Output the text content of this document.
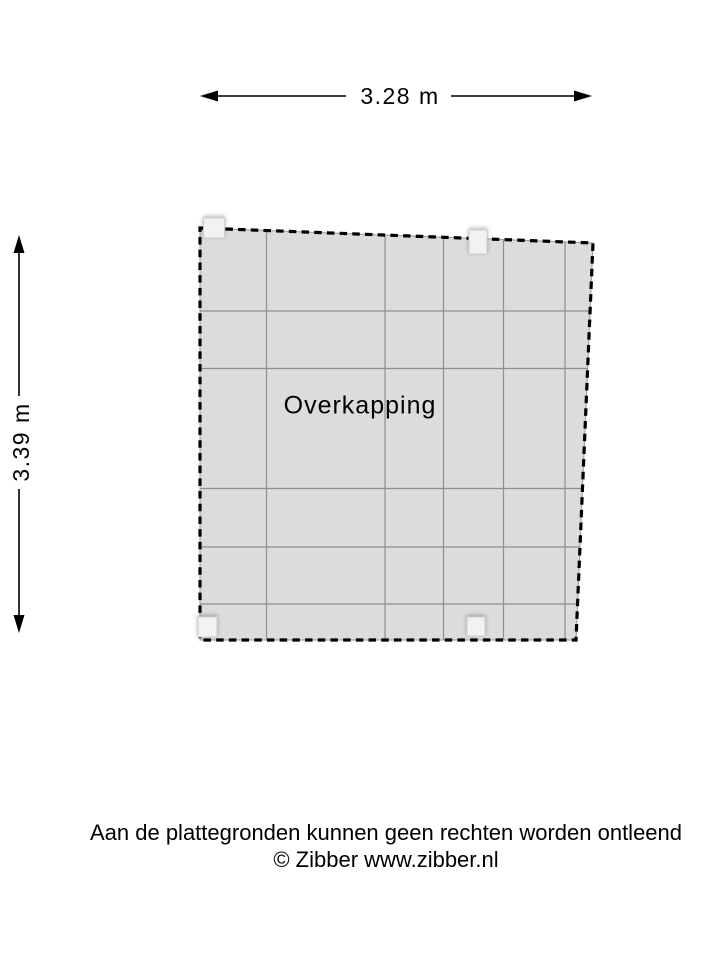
3.28 m
3.39 m	Overkapping
Aan de plattegronden kunnen geen rechten worden ontleend
© Zibber www.zibber.nl
